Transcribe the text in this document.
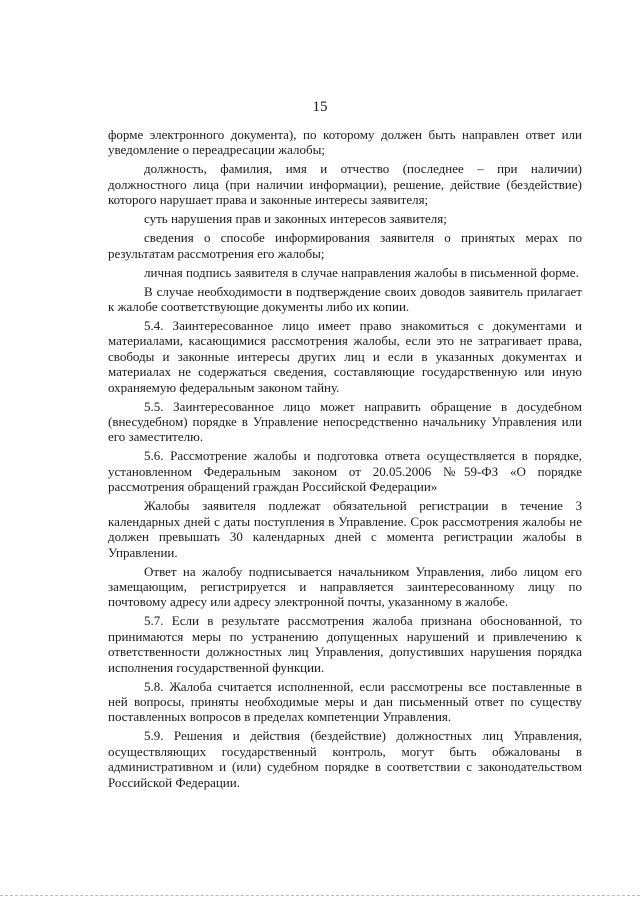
15

форме электронного документа), по которому должен быть направлен ответ или уведомление о переадресации жалобы;

должность, фамилия, имя и отчество (последнее – при наличии) должностного лица (при наличии информации), решение, действие (бездействие) которого нарушает права и законные интересы заявителя;

суть нарушения прав и законных интересов заявителя;

сведения о способе информирования заявителя о принятых мерах по результатам рассмотрения его жалобы;

личная подпись заявителя в случае направления жалобы в письменной форме.

В случае необходимости в подтверждение своих доводов заявитель прилагает к жалобе соответствующие документы либо их копии.

5.4. Заинтересованное лицо имеет право знакомиться с документами и материалами, касающимися рассмотрения жалобы, если это не затрагивает права, свободы и законные интересы других лиц и если в указанных документах и материалах не содержаться сведения, составляющие государственную или иную охраняемую федеральным законом тайну.

5.5. Заинтересованное лицо может направить обращение в досудебном (внесудебном) порядке в Управление непосредственно начальнику Управления или его заместителю.

5.6. Рассмотрение жалобы и подготовка ответа осуществляется в порядке, установленном Федеральным законом от 20.05.2006 №59-ФЗ «О порядке рассмотрения обращений граждан Российской Федерации»

Жалобы заявителя подлежат обязательной регистрации в течение 3 календарных дней с даты поступления в Управление. Срок рассмотрения жалобы не должен превышать 30 календарных дней с момента регистрации жалобы в Управлении.

Ответ на жалобу подписывается начальником Управления, либо лицом его замещающим, регистрируется и направляется заинтересованному лицу по почтовому адресу или адресу электронной почты, указанному в жалобе.

5.7. Если в результате рассмотрения жалоба признана обоснованной, то принимаются меры по устранению допущенных нарушений и привлечению к ответственности должностных лиц Управления, допустивших нарушения порядка исполнения государственной функции.

5.8. Жалоба считается исполненной, если рассмотрены все поставленные в ней вопросы, приняты необходимые меры и дан письменный ответ по существу поставленных вопросов в пределах компетенции Управления.

5.9. Решения и действия (бездействие) должностных лиц Управления, осуществляющих государственный контроль, могут быть обжалованы в административном и (или) судебном порядке в соответствии с законодательством Российской Федерации.
